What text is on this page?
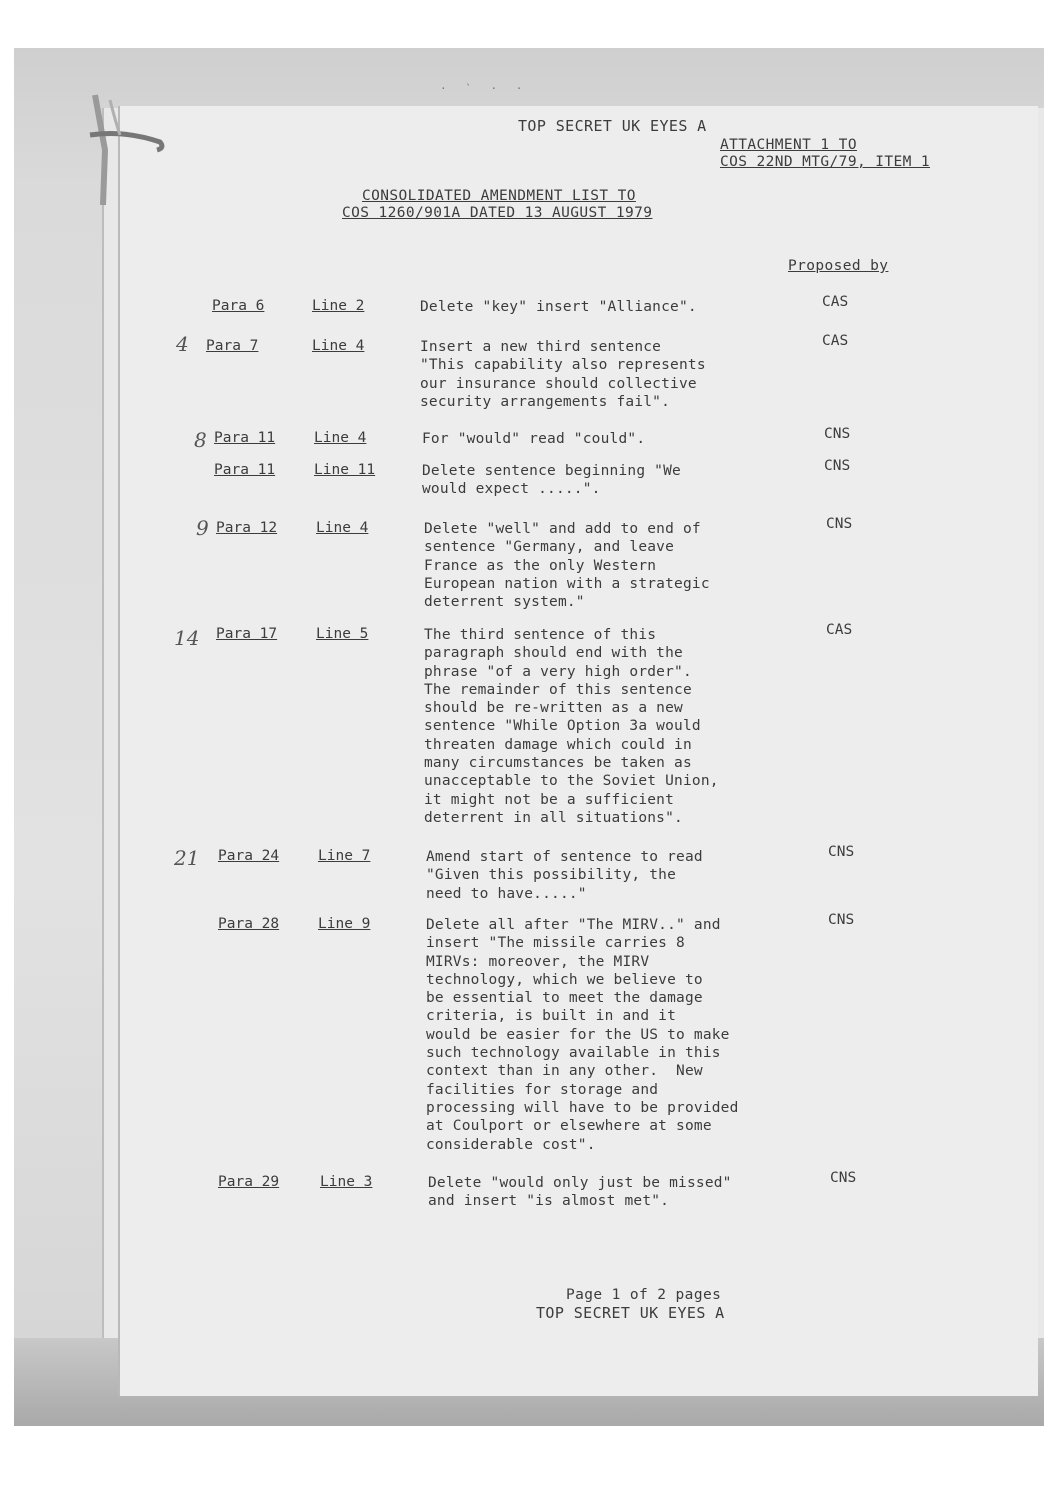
· ` · ·
TOP SECRET UK EYES A
ATTACHMENT 1 TO
COS 22ND MTG/79, ITEM 1
CONSOLIDATED AMENDMENT LIST TO
COS 1260/901A DATED 13 AUGUST 1979
Proposed by
Para 6	Line 2	Delete "key" insert "Alliance".	CAS
4 Para 7	Line 4	Insert a new third sentence
"This capability also represents
our insurance should collective
security arrangements fail".
CAS
8 Para 11	Line 4	For "would" read "could".	CNS
Para 11	Line 11	Delete sentence beginning "We
would expect .....".
CNS
9 Para 12	Line 4	Delete "well" and add to end of
sentence "Germany, and leave
France as the only Western
European nation with a strategic
deterrent system."
CNS
14 Para 17	Line 5	The third sentence of this
paragraph should end with the
phrase "of a very high order".
The remainder of this sentence
should be re-written as a new
sentence "While Option 3a would
threaten damage which could in
many circumstances be taken as
unacceptable to the Soviet Union,
it might not be a sufficient
deterrent in all situations".
CAS
21 Para 24	Line 7	Amend start of sentence to read
"Given this possibility, the
need to have....."
CNS
Para 28	Line 9	Delete all after "The MIRV.." and
insert "The missile carries 8
MIRVs: moreover, the MIRV
technology, which we believe to
be essential to meet the damage
criteria, is built in and it
would be easier for the US to make
such technology available in this
context than in any other.  New
facilities for storage and
processing will have to be provided
at Coulport or elsewhere at some
considerable cost".
CNS
Para 29	Line 3	Delete "would only just be missed"
and insert "is almost met".
CNS
Page 1 of 2 pages
TOP SECRET UK EYES A
